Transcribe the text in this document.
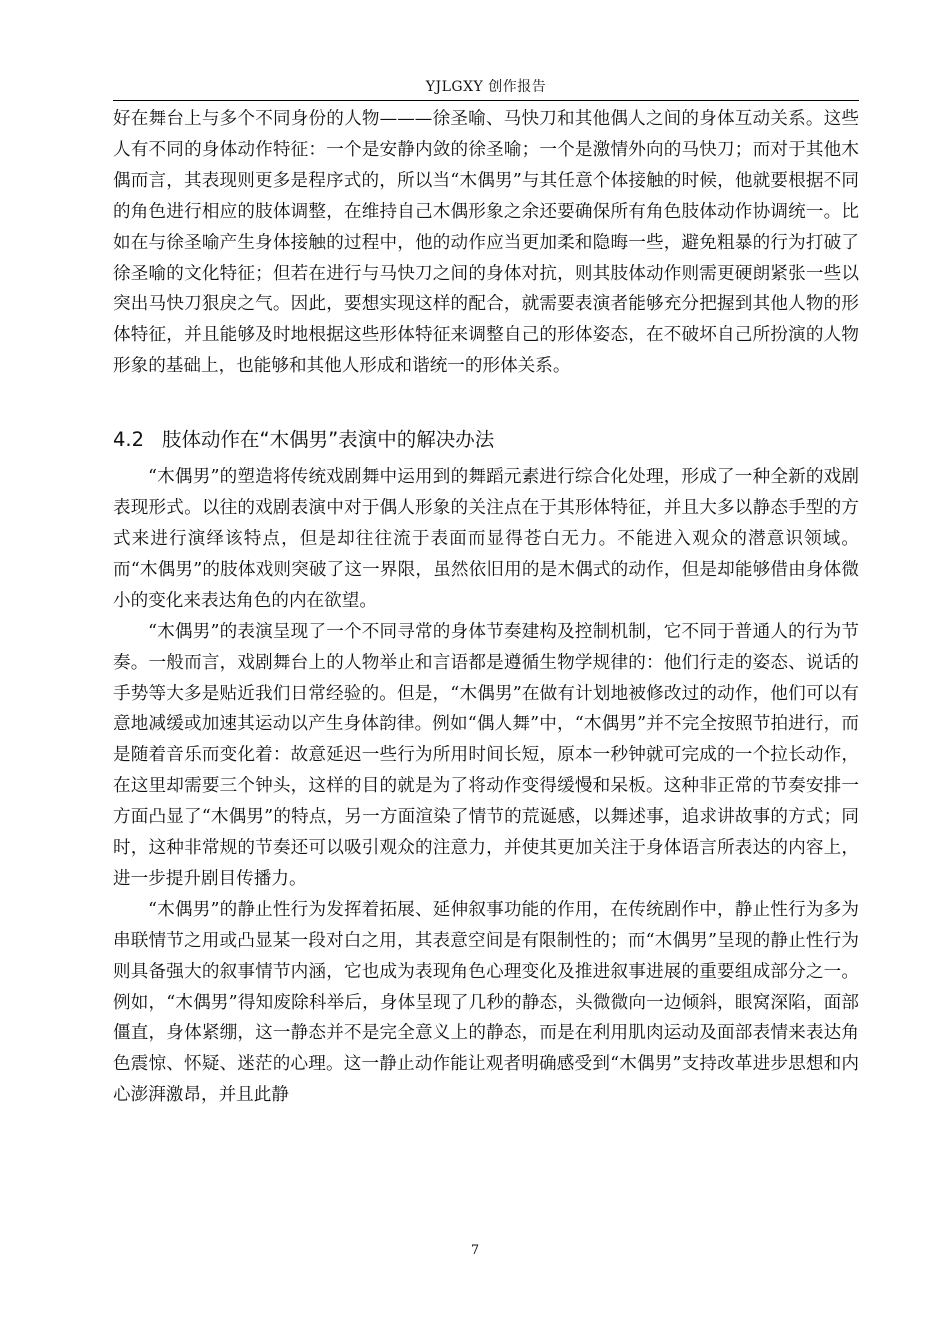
YJLGXY 创作报告

好在舞台上与多个不同身份的人物———徐圣喻、马快刀和其他偶人之间的身体互动关系。这些人有不同的身体动作特征：一个是安静内敛的徐圣喻；一个是激情外向的马快刀；而对于其他木偶而言，其表现则更多是程序式的，所以当“木偶男”与其任意个体接触的时候，他就要根据不同的角色进行相应的肢体调整，在维持自己木偶形象之余还要确保所有角色肢体动作协调统一。比如在与徐圣喻产生身体接触的过程中，他的动作应当更加柔和隐晦一些，避免粗暴的行为打破了徐圣喻的文化特征；但若在进行与马快刀之间的身体对抗，则其肢体动作则需更硬朗紧张一些以突出马快刀狠戾之气。因此，要想实现这样的配合，就需要表演者能够充分把握到其他人物的形体特征，并且能够及时地根据这些形体特征来调整自己的形体姿态，在不破坏自己所扮演的人物形象的基础上，也能够和其他人形成和谐统一的形体关系。

4.2 肢体动作在“木偶男”表演中的解决办法

“木偶男”的塑造将传统戏剧舞中运用到的舞蹈元素进行综合化处理，形成了一种全新的戏剧表现形式。以往的戏剧表演中对于偶人形象的关注点在于其形体特征，并且大多以静态手型的方式来进行演绎该特点，但是却往往流于表面而显得苍白无力。不能进入观众的潜意识领域。而“木偶男”的肢体戏则突破了这一界限，虽然依旧用的是木偶式的动作，但是却能够借由身体微小的变化来表达角色的内在欲望。

“木偶男”的表演呈现了一个不同寻常的身体节奏建构及控制机制，它不同于普通人的行为节奏。一般而言，戏剧舞台上的人物举止和言语都是遵循生物学规律的：他们行走的姿态、说话的手势等大多是贴近我们日常经验的。但是，“木偶男”在做有计划地被修改过的动作，他们可以有意地减缓或加速其运动以产生身体韵律。例如“偶人舞”中，“木偶男”并不完全按照节拍进行，而是随着音乐而变化着：故意延迟一些行为所用时间长短，原本一秒钟就可完成的一个拉长动作，在这里却需要三个钟头，这样的目的就是为了将动作变得缓慢和呆板。这种非正常的节奏安排一方面凸显了“木偶男”的特点，另一方面渲染了情节的荒诞感，以舞述事，追求讲故事的方式；同时，这种非常规的节奏还可以吸引观众的注意力，并使其更加关注于身体语言所表达的内容上，进一步提升剧目传播力。

“木偶男”的静止性行为发挥着拓展、延伸叙事功能的作用，在传统剧作中，静止性行为多为串联情节之用或凸显某一段对白之用，其表意空间是有限制性的；而“木偶男”呈现的静止性行为则具备强大的叙事情节内涵，它也成为表现角色心理变化及推进叙事进展的重要组成部分之一。例如，“木偶男”得知废除科举后，身体呈现了几秒的静态，头微微向一边倾斜，眼窝深陷，面部僵直，身体紧绷，这一静态并不是完全意义上的静态，而是在利用肌肉运动及面部表情来表达角色震惊、怀疑、迷茫的心理。这一静止动作能让观者明确感受到“木偶男”支持改革进步思想和内心澎湃激昂，并且此静

7
